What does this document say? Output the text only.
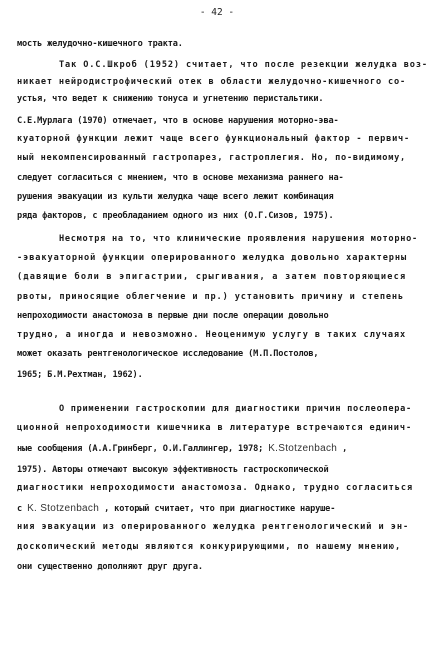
- 42 -
мость желудочно-кишечного тракта.
Так О.С.Шкроб (1952) считает, что после резекции желудка воз-
никает нейродистрофический отек в области желудочно-кишечного со-
устья, что ведет к снижению тонуса и угнетению перистальтики.
С.Е.Мурлага (1970) отмечает, что в основе нарушения моторно-эва-
куаторной функции лежит чаще всего функциональный фактор - первич-
ный некомпенсированный гастропарез, гастроплегия. Но, по-видимому,
следует согласиться с мнением, что в основе механизма раннего на-
рушения эвакуации из культи желудка чаще всего лежит комбинация
ряда факторов, с преобладанием одного из них (О.Г.Сизов, 1975).
Несмотря на то, что клинические проявления нарушения моторно-
-эвакуаторной функции оперированного желудка довольно характерны
(давящие боли в эпигастрии, срыгивания, а затем повторяющиеся
рвоты, приносящие облегчение и пр.) установить причину и степень
непроходимости анастомоза в первые дни после операции довольно
трудно, а иногда и невозможно. Неоценимую услугу в таких случаях
может оказать рентгенологическое исследование (М.П.Постолов,
1965; Б.М.Рехтман, 1962).
О применении гастроскопии для диагностики причин послеопера-
ционной непроходимости кишечника в литературе встречаются единич-
ные сообщения (А.А.Гринберг, О.И.Галлингер, 1978; K.Stotzenbach ,
1975). Авторы отмечают высокую эффективность гастроскопической
диагностики непроходимости анастомоза. Однако, трудно согласиться
с K. Stotzenbach , который считает, что при диагностике наруше-
ния эвакуации из оперированного желудка рентгенологический и эн-
доскопический методы являются конкурирующими, по нашему мнению,
они существенно дополняют друг друга.
